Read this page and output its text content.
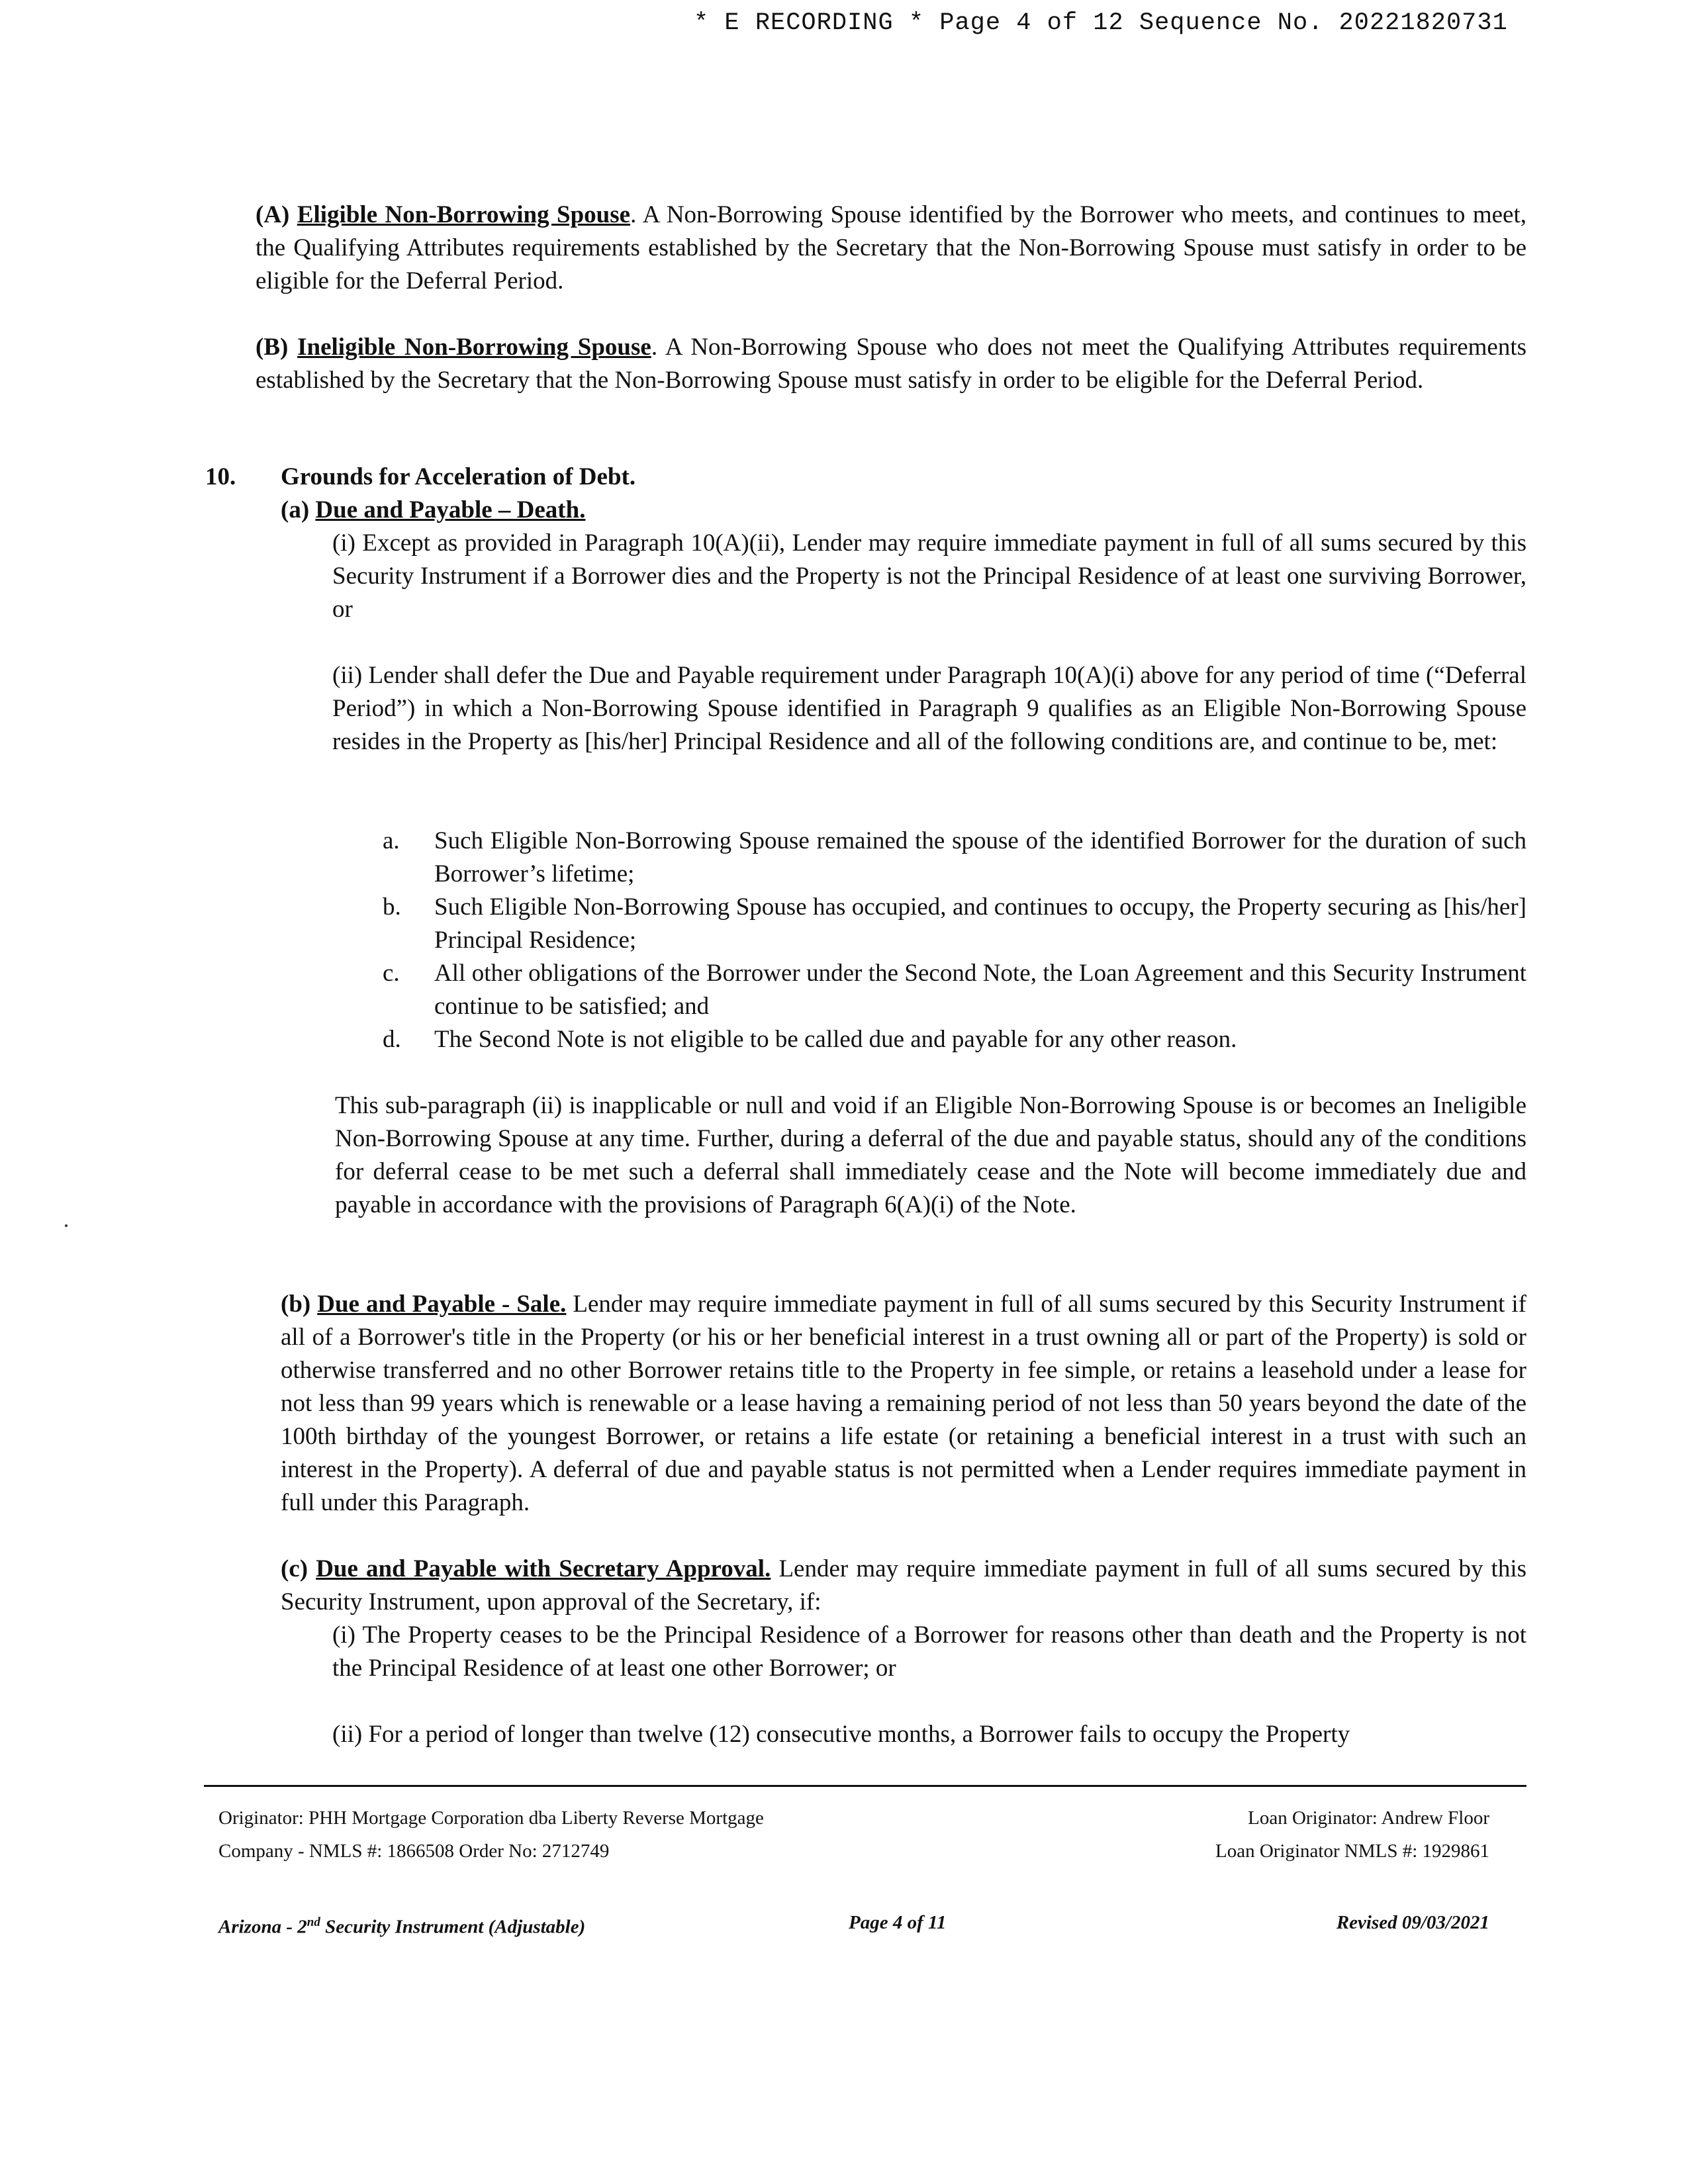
* E RECORDING * Page 4 of 12 Sequence No. 20221820731

(A) Eligible Non-Borrowing Spouse. A Non-Borrowing Spouse identified by the Borrower who meets, and continues to meet, the Qualifying Attributes requirements established by the Secretary that the Non-Borrowing Spouse must satisfy in order to be eligible for the Deferral Period.

(B) Ineligible Non-Borrowing Spouse. A Non-Borrowing Spouse who does not meet the Qualifying Attributes requirements established by the Secretary that the Non-Borrowing Spouse must satisfy in order to be eligible for the Deferral Period.

10. Grounds for Acceleration of Debt.
(a) Due and Payable – Death.

(i) Except as provided in Paragraph 10(A)(ii), Lender may require immediate payment in full of all sums secured by this Security Instrument if a Borrower dies and the Property is not the Principal Residence of at least one surviving Borrower, or

(ii) Lender shall defer the Due and Payable requirement under Paragraph 10(A)(i) above for any period of time (“Deferral Period”) in which a Non-Borrowing Spouse identified in Paragraph 9 qualifies as an Eligible Non-Borrowing Spouse resides in the Property as [his/her] Principal Residence and all of the following conditions are, and continue to be, met:

a. Such Eligible Non-Borrowing Spouse remained the spouse of the identified Borrower for the duration of such Borrower’s lifetime;

b. Such Eligible Non-Borrowing Spouse has occupied, and continues to occupy, the Property securing as [his/her] Principal Residence;

c. All other obligations of the Borrower under the Second Note, the Loan Agreement and this Security Instrument continue to be satisfied; and

d. The Second Note is not eligible to be called due and payable for any other reason.

This sub-paragraph (ii) is inapplicable or null and void if an Eligible Non-Borrowing Spouse is or becomes an Ineligible Non-Borrowing Spouse at any time. Further, during a deferral of the due and payable status, should any of the conditions for deferral cease to be met such a deferral shall immediately cease and the Note will become immediately due and payable in accordance with the provisions of Paragraph 6(A)(i) of the Note.

(b) Due and Payable - Sale. Lender may require immediate payment in full of all sums secured by this Security Instrument if all of a Borrower's title in the Property (or his or her beneficial interest in a trust owning all or part of the Property) is sold or otherwise transferred and no other Borrower retains title to the Property in fee simple, or retains a leasehold under a lease for not less than 99 years which is renewable or a lease having a remaining period of not less than 50 years beyond the date of the 100th birthday of the youngest Borrower, or retains a life estate (or retaining a beneficial interest in a trust with such an interest in the Property). A deferral of due and payable status is not permitted when a Lender requires immediate payment in full under this Paragraph.

(c) Due and Payable with Secretary Approval. Lender may require immediate payment in full of all sums secured by this Security Instrument, upon approval of the Secretary, if:

(i) The Property ceases to be the Principal Residence of a Borrower for reasons other than death and the Property is not the Principal Residence of at least one other Borrower; or

(ii) For a period of longer than twelve (12) consecutive months, a Borrower fails to occupy the Property

Originator: PHH Mortgage Corporation dba Liberty Reverse Mortgage
Company - NMLS #: 1866508 Order No: 2712749
Loan Originator: Andrew Floor
Loan Originator NMLS #: 1929861
Arizona - 2nd Security Instrument (Adjustable)	Page 4 of 11	Revised 09/03/2021
